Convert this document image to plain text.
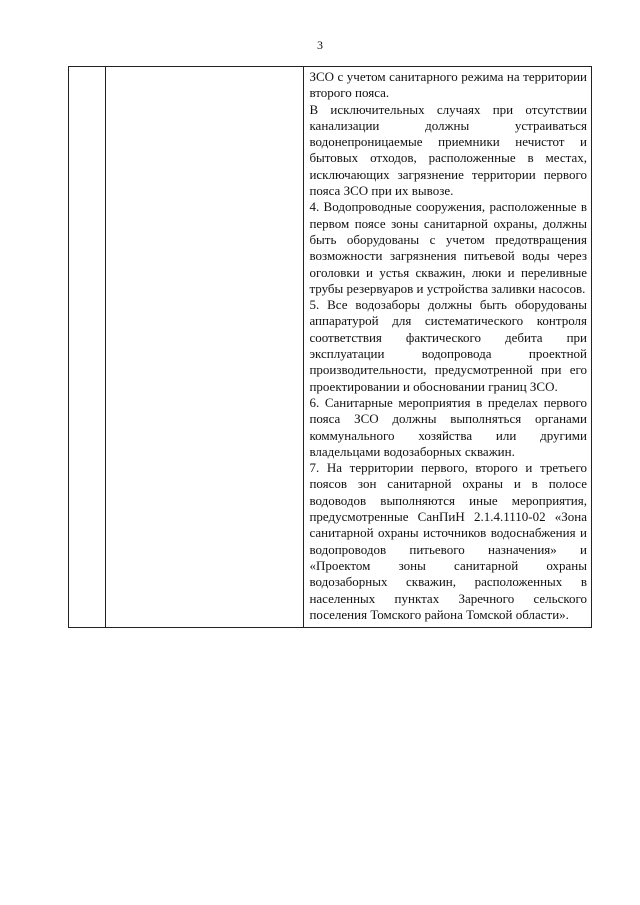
3

ЗСО с учетом санитарного режима на территории второго пояса.

В исключительных случаях при отсутствии канализации должны устраиваться водонепроницаемые приемники нечистот и бытовых отходов, расположенные в местах, исключающих загрязнение территории первого пояса ЗСО при их вывозе.

4. Водопроводные сооружения, расположенные в первом поясе зоны санитарной охраны, должны быть оборудованы с учетом предотвращения возможности загрязнения питьевой воды через оголовки и устья скважин, люки и переливные трубы резервуаров и устройства заливки насосов.

5. Все водозаборы должны быть оборудованы аппаратурой для систематического контроля соответствия фактического дебита при эксплуатации водопровода проектной производительности, предусмотренной при его проектировании и обосновании границ ЗСО.

6. Санитарные мероприятия в пределах первого пояса ЗСО должны выполняться органами коммунального хозяйства или другими владельцами водозаборных скважин.

7. На территории первого, второго и третьего поясов зон санитарной охраны и в полосе водоводов выполняются иные мероприятия, предусмотренные СанПиН 2.1.4.1110-02 «Зона санитарной охраны источников водоснабжения и водопроводов питьевого назначения» и «Проектом зоны санитарной охраны водозаборных скважин, расположенных в населенных пунктах Заречного сельского поселения Томского района Томской области».
